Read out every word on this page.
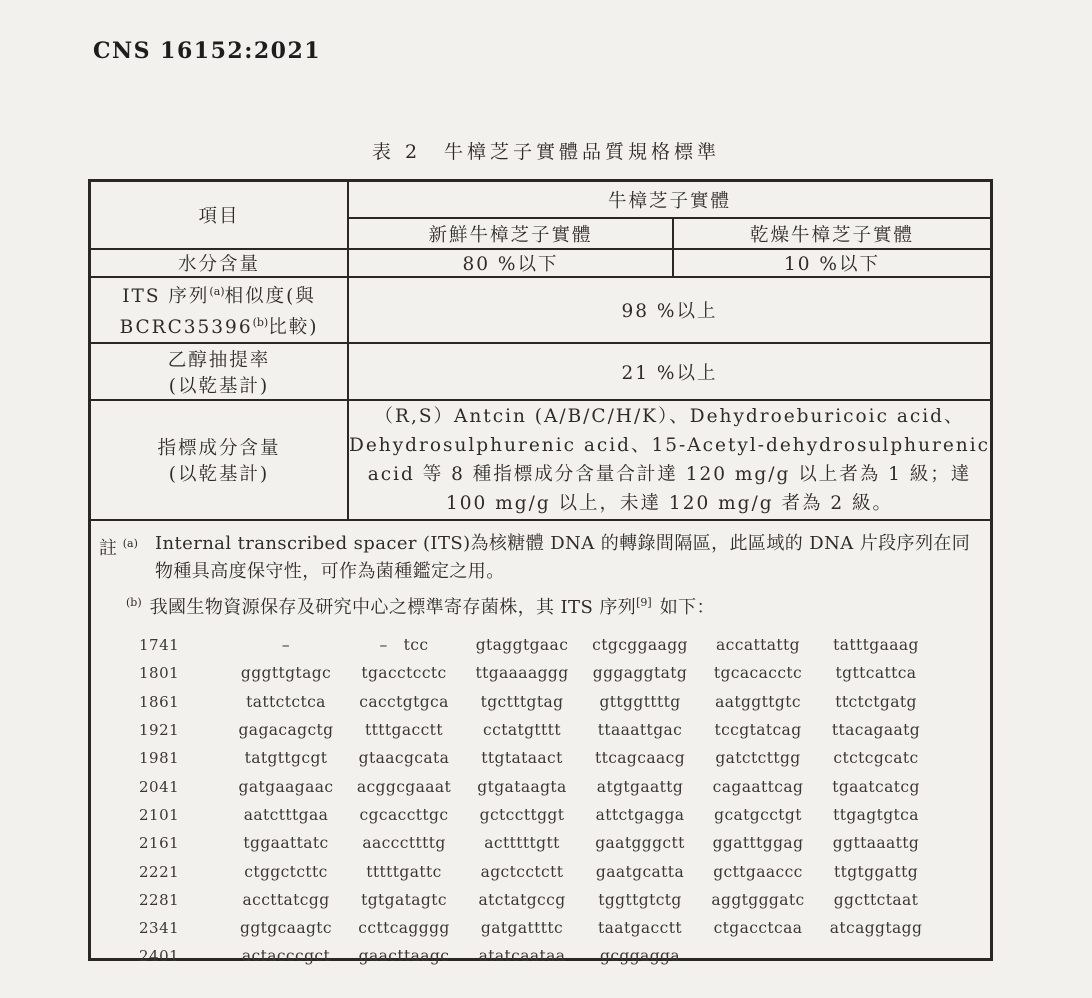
CNS 16152:2021
表 2　牛樟芝子實體品質規格標準
項目	牛樟芝子實體	
	新鮮牛樟芝子實體	乾燥牛樟芝子實體
水分含量	80 %以下	10 %以下

ITS 序列$^{(a)}$相似度(與
BCRC35396$^{(b)}$比較)	98 %以上	

乙醇抽提率
(以乾基計)	21 %以上	

指標成分含量
(以乾基計)	（R,S）Antcin (A/B/C/H/K）、Dehydroeburicoic acid、Dehydrosulphurenic acid、15-Acetyl-dehydrosulphurenic acid 等 8 種指標成分含量合計達 120 mg/g 以上者為 1 級；達 100 mg/g 以上，未達 120 mg/g 者為 2 級。	
註 $^{(a)}$ Internal transcribed spacer (ITS)為核糖體 DNA 的轉錄間隔區，此區域的 DNA 片段序列在同物種具高度保守性，可作為菌種鑑定之用。
$^{(b)}$ 我國生物資源保存及研究中心之標準寄存菌株，其 ITS 序列[9] 如下：
1741	–	–   tcc	gtaggtgaac	ctgcggaagg	accattattg	tatttgaaag
1801	gggttgtagc	tgacctcctc	ttgaaaaggg	gggaggtatg	tgcacacctc	tgttcattca
1861	tattctctca	cacctgtgca	tgctttgtag	gttggttttg	aatggttgtc	ttctctgatg
1921	gagacagctg	ttttgacctt	cctatgtttt	ttaaattgac	tccgtatcag	ttacagaatg
1981	tatgttgcgt	gtaacgcata	ttgtataact	ttcagcaacg	gatctcttgg	ctctcgcatc
2041	gatgaagaac	acggcgaaat	gtgataagta	atgtgaattg	cagaattcag	tgaatcatcg
2101	aatctttgaa	cgcaccttgc	gctccttggt	attctgagga	gcatgcctgt	ttgagtgtca
2161	tggaattatc	aacccttttg	actttttgtt	gaatgggctt	ggatttggag	ggttaaattg
2221	ctggctcttc	tttttgattc	agctcctctt	gaatgcatta	gcttgaaccc	ttgtggattg
2281	accttatcgg	tgtgatagtc	atctatgccg	tggttgtctg	aggtgggatc	ggcttctaat
2341	ggtgcaagtc	ccttcagggg	gatgattttc	taatgacctt	ctgacctcaa	atcaggtagg
2401	actacccgct	gaacttaagc	atatcaataa	gcggagga
